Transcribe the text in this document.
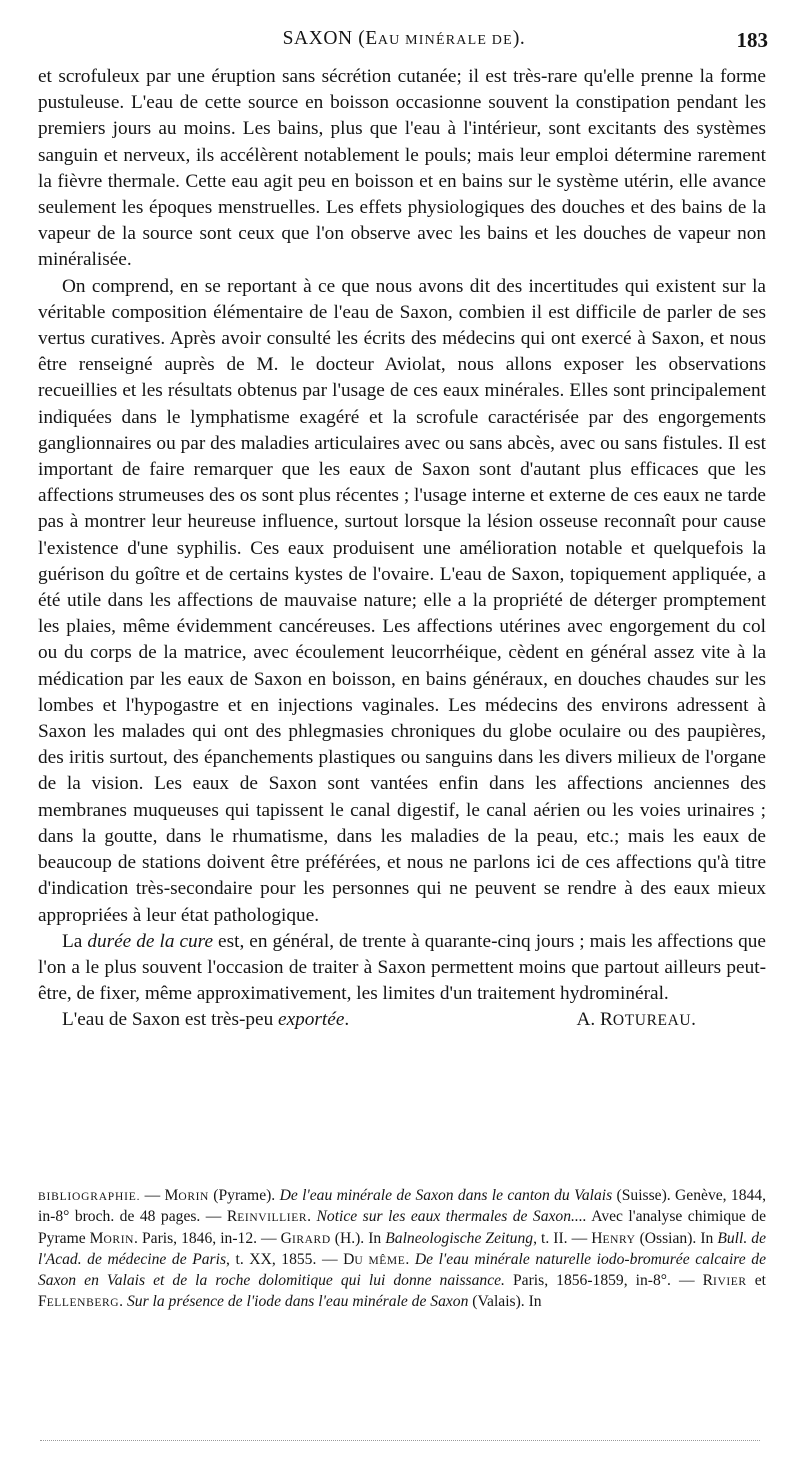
SAXON (EAU MINÉRALE DE).	183

et scrofuleux par une éruption sans sécrétion cutanée; il est très-rare qu'elle prenne la forme pustuleuse. L'eau de cette source en boisson occasionne souvent la constipation pendant les premiers jours au moins. Les bains, plus que l'eau à l'intérieur, sont excitants des systèmes sanguin et nerveux, ils accélèrent notablement le pouls; mais leur emploi détermine rarement la fièvre thermale. Cette eau agit peu en boisson et en bains sur le système utérin, elle avance seulement les époques menstruelles. Les effets physiologiques des douches et des bains de la vapeur de la source sont ceux que l'on observe avec les bains et les douches de vapeur non minéralisée.

On comprend, en se reportant à ce que nous avons dit des incertitudes qui existent sur la véritable composition élémentaire de l'eau de Saxon, combien il est difficile de parler de ses vertus curatives. Après avoir consulté les écrits des médecins qui ont exercé à Saxon, et nous être renseigné auprès de M. le docteur Aviolat, nous allons exposer les observations recueillies et les résultats obtenus par l'usage de ces eaux minérales. Elles sont principalement indiquées dans le lymphatisme exagéré et la scrofule caractérisée par des engorgements ganglionnaires ou par des maladies articulaires avec ou sans abcès, avec ou sans fistules. Il est important de faire remarquer que les eaux de Saxon sont d'autant plus efficaces que les affections strumeuses des os sont plus récentes ; l'usage interne et externe de ces eaux ne tarde pas à montrer leur heureuse influence, surtout lorsque la lésion osseuse reconnaît pour cause l'existence d'une syphilis. Ces eaux produisent une amélioration notable et quelquefois la guérison du goître et de certains kystes de l'ovaire. L'eau de Saxon, topiquement appliquée, a été utile dans les affections de mauvaise nature; elle a la propriété de déterger promptement les plaies, même évidemment cancéreuses. Les affections utérines avec engorgement du col ou du corps de la matrice, avec écoulement leucorrhéique, cèdent en général assez vite à la médication par les eaux de Saxon en boisson, en bains généraux, en douches chaudes sur les lombes et l'hypogastre et en injections vaginales. Les médecins des environs adressent à Saxon les malades qui ont des phlegmasies chroniques du globe oculaire ou des paupières, des iritis surtout, des épanchements plastiques ou sanguins dans les divers milieux de l'organe de la vision. Les eaux de Saxon sont vantées enfin dans les affections anciennes des membranes muqueuses qui tapissent le canal digestif, le canal aérien ou les voies urinaires ; dans la goutte, dans le rhumatisme, dans les maladies de la peau, etc.; mais les eaux de beaucoup de stations doivent être préférées, et nous ne parlons ici de ces affections qu'à titre d'indication très-secondaire pour les personnes qui ne peuvent se rendre à des eaux mieux appropriées à leur état pathologique.

La durée de la cure est, en général, de trente à quarante-cinq jours ; mais les affections que l'on a le plus souvent l'occasion de traiter à Saxon permettent moins que partout ailleurs peut-être, de fixer, même approximativement, les limites d'un traitement hydrominéral.

L'eau de Saxon est très-peu exportée.	A. ROTUREAU.
BIBLIOGRAPHIE. — MORIN (Pyrame). De l'eau minérale de Saxon dans le canton du Valais (Suisse). Genève, 1844, in-8° broch. de 48 pages. — REINVILLIER. Notice sur les eaux thermales de Saxon.... Avec l'analyse chimique de Pyrame MORIN. Paris, 1846, in-12. — GIRARD (H.). In Balneologische Zeitung, t. II. — HENRY (Ossian). In Bull. de l'Acad. de médecine de Paris, t. XX, 1855. — DU MÊME. De l'eau minérale naturelle iodo-bromurée calcaire de Saxon en Valais et de la roche dolomitique qui lui donne naissance. Paris, 1856-1859, in-8°. — RIVIER et FELLENBERG. Sur la présence de l'iode dans l'eau minérale de Saxon (Valais). In
